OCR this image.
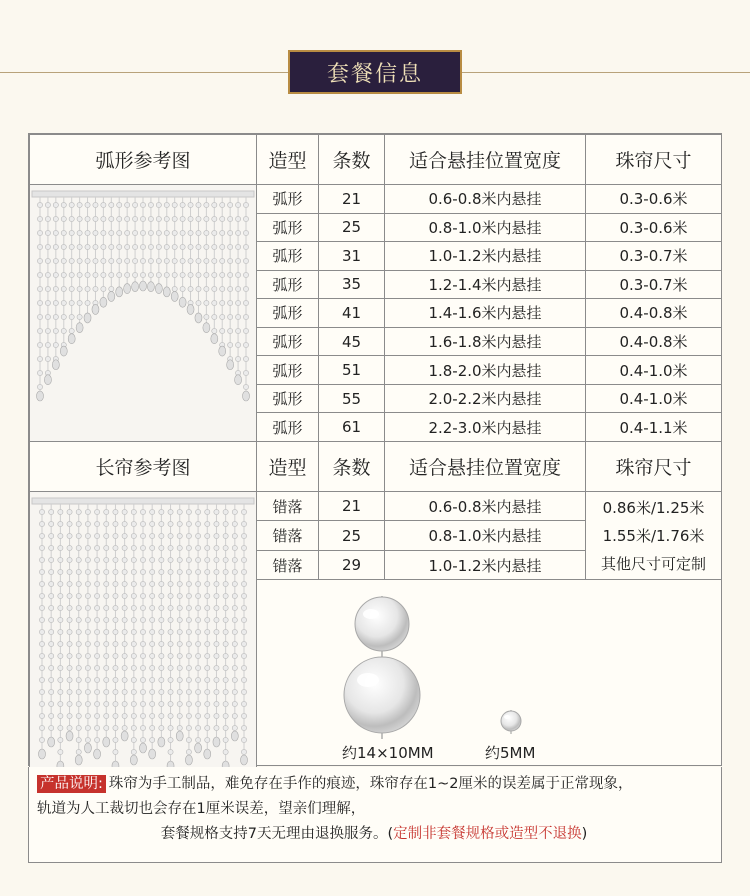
套餐信息
弧形参考图	造型	条数	适合悬挂位置宽度	珠帘尺寸
	弧形	21	0.6-0.8米内悬挂	0.3-0.6米
	弧形	25	0.8-1.0米内悬挂	0.3-0.6米
	弧形	31	1.0-1.2米内悬挂	0.3-0.7米
	弧形	35	1.2-1.4米内悬挂	0.3-0.7米
	弧形	41	1.4-1.6米内悬挂	0.4-0.8米
	弧形	45	1.6-1.8米内悬挂	0.4-0.8米
	弧形	51	1.8-2.0米内悬挂	0.4-1.0米
	弧形	55	2.0-2.2米内悬挂	0.4-1.0米
	弧形	61	2.2-3.0米内悬挂	0.4-1.1米
长帘参考图	造型	条数	适合悬挂位置宽度	珠帘尺寸
	错落	21	0.6-0.8米内悬挂	0.86米/1.25米
1.55米/1.76米
其他尺寸可定制

	错落	25	0.8-1.0米内悬挂	
	错落	29	1.0-1.2米内悬挂	

约14×10MM	约5MM
产品说明: 珠帘为手工制品，难免存在手作的痕迹，珠帘存在1~2厘米的误差属于正常现象，
轨道为人工裁切也会存在1厘米误差，望亲们理解，
套餐规格支持7天无理由退换服务。(定制非套餐规格或造型不退换)
